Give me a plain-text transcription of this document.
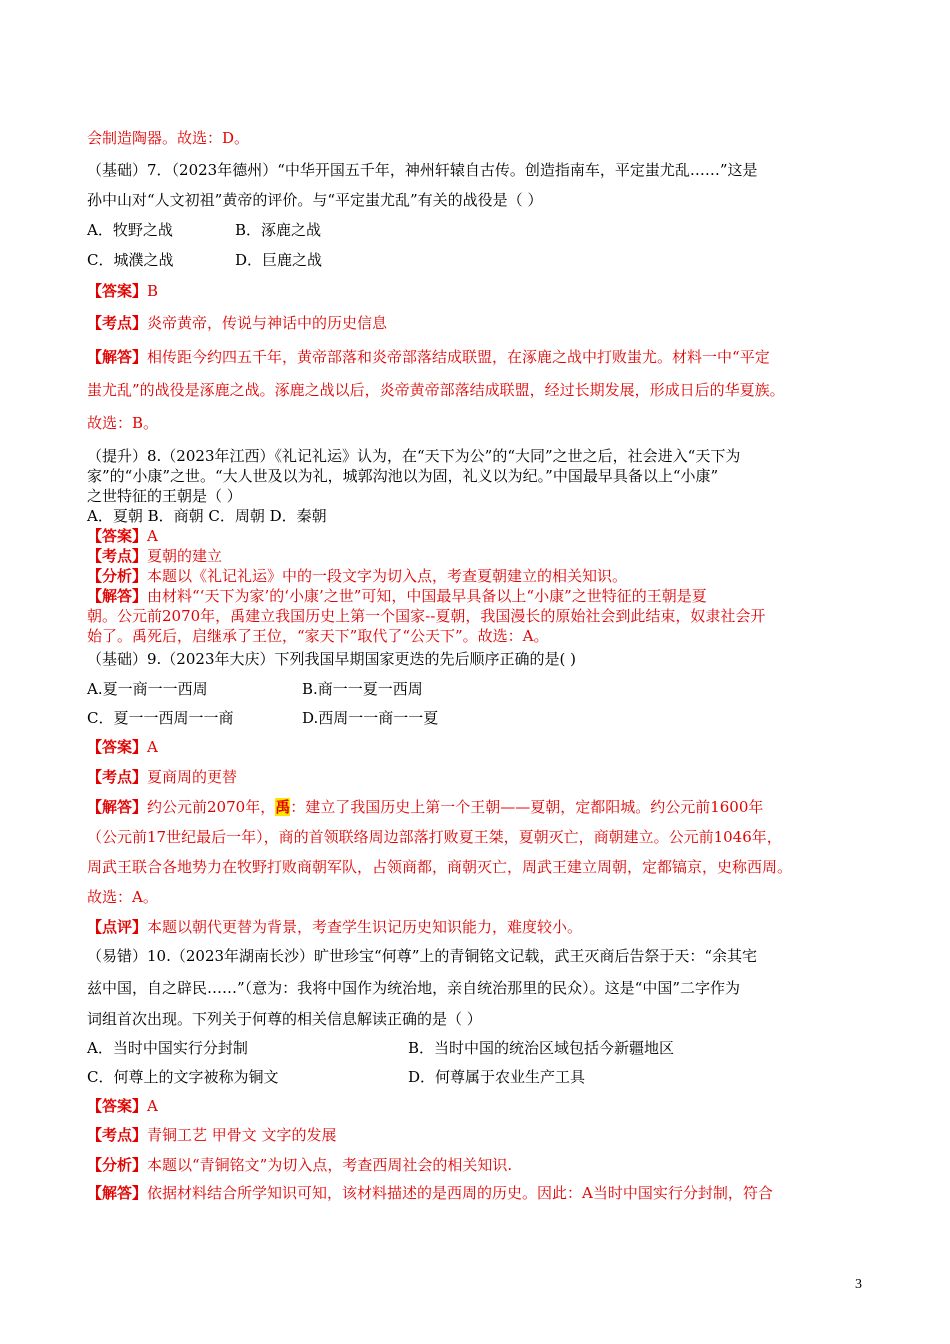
会制造陶器。故选：D。
（基础）7．（2023年德州）“中华开国五千年，神州轩辕自古传。创造指南车，平定蚩尤乱……”这是
孙中山对“人文初祖”黄帝的评价。与“平定蚩尤乱”有关的战役是（ ）
A．牧野之战	B．涿鹿之战
C．城濮之战	D．巨鹿之战
【答案】B
【考点】炎帝黄帝，传说与神话中的历史信息
【解答】相传距今约四五千年，黄帝部落和炎帝部落结成联盟，在涿鹿之战中打败蚩尤。材料一中“平定
蚩尤乱”的战役是涿鹿之战。涿鹿之战以后，炎帝黄帝部落结成联盟，经过长期发展，形成日后的华夏族。
故选：B。
（提升）8.（2023年江西）《礼记礼运》认为，在“天下为公”的“大同”之世之后，社会进入“天下为
家”的“小康”之世。“大人世及以为礼，城郭沟池以为固，礼义以为纪。”中国最早具备以上“小康”
之世特征的王朝是（ ）
A．夏朝 B．商朝 C．周朝 D．秦朝
【答案】A
【考点】夏朝的建立
【分析】本题以《礼记礼运》中的一段文字为切入点，考查夏朝建立的相关知识。
【解答】由材料“‘天下为家’的‘小康’之世”可知，中国最早具备以上“小康”之世特征的王朝是夏
朝。公元前2070年，禹建立我国历史上第一个国家--夏朝，我国漫长的原始社会到此结束，奴隶社会开
始了。禹死后，启继承了王位，“家天下”取代了“公天下”。故选：A。
（基础）9.（2023年大庆）下列我国早期国家更迭的先后顺序正确的是( )
A.夏一商一一西周	B.商一一夏一西周
C．夏一一西周一一商	D.西周一一商一一夏
【答案】A
【考点】夏商周的更替
【解答】约公元前2070年，禹：建立了我国历史上第一个王朝——夏朝，定都阳城。约公元前1600年
（公元前17世纪最后一年），商的首领联络周边部落打败夏王桀，夏朝灭亡，商朝建立。公元前1046年，
周武王联合各地势力在牧野打败商朝军队，占领商都，商朝灭亡，周武王建立周朝，定都镐京，史称西周。
故选：A。
【点评】本题以朝代更替为背景，考查学生识记历史知识能力，难度较小。
（易错）10.（2023年湖南长沙）旷世珍宝“何尊”上的青铜铭文记载，武王灭商后告祭于天：“余其宅
兹中国，自之辟民……”（意为：我将中国作为统治地，亲自统治那里的民众）。这是“中国”二字作为
词组首次出现。下列关于何尊的相关信息解读正确的是（ ）
A．当时中国实行分封制	B．当时中国的统治区域包括今新疆地区
C．何尊上的文字被称为铜文	D．何尊属于农业生产工具
【答案】A
【考点】青铜工艺 甲骨文 文字的发展
【分析】本题以“青铜铭文”为切入点，考查西周社会的相关知识.
【解答】依据材料结合所学知识可知，该材料描述的是西周的历史。因此：A当时中国实行分封制，符合
3
